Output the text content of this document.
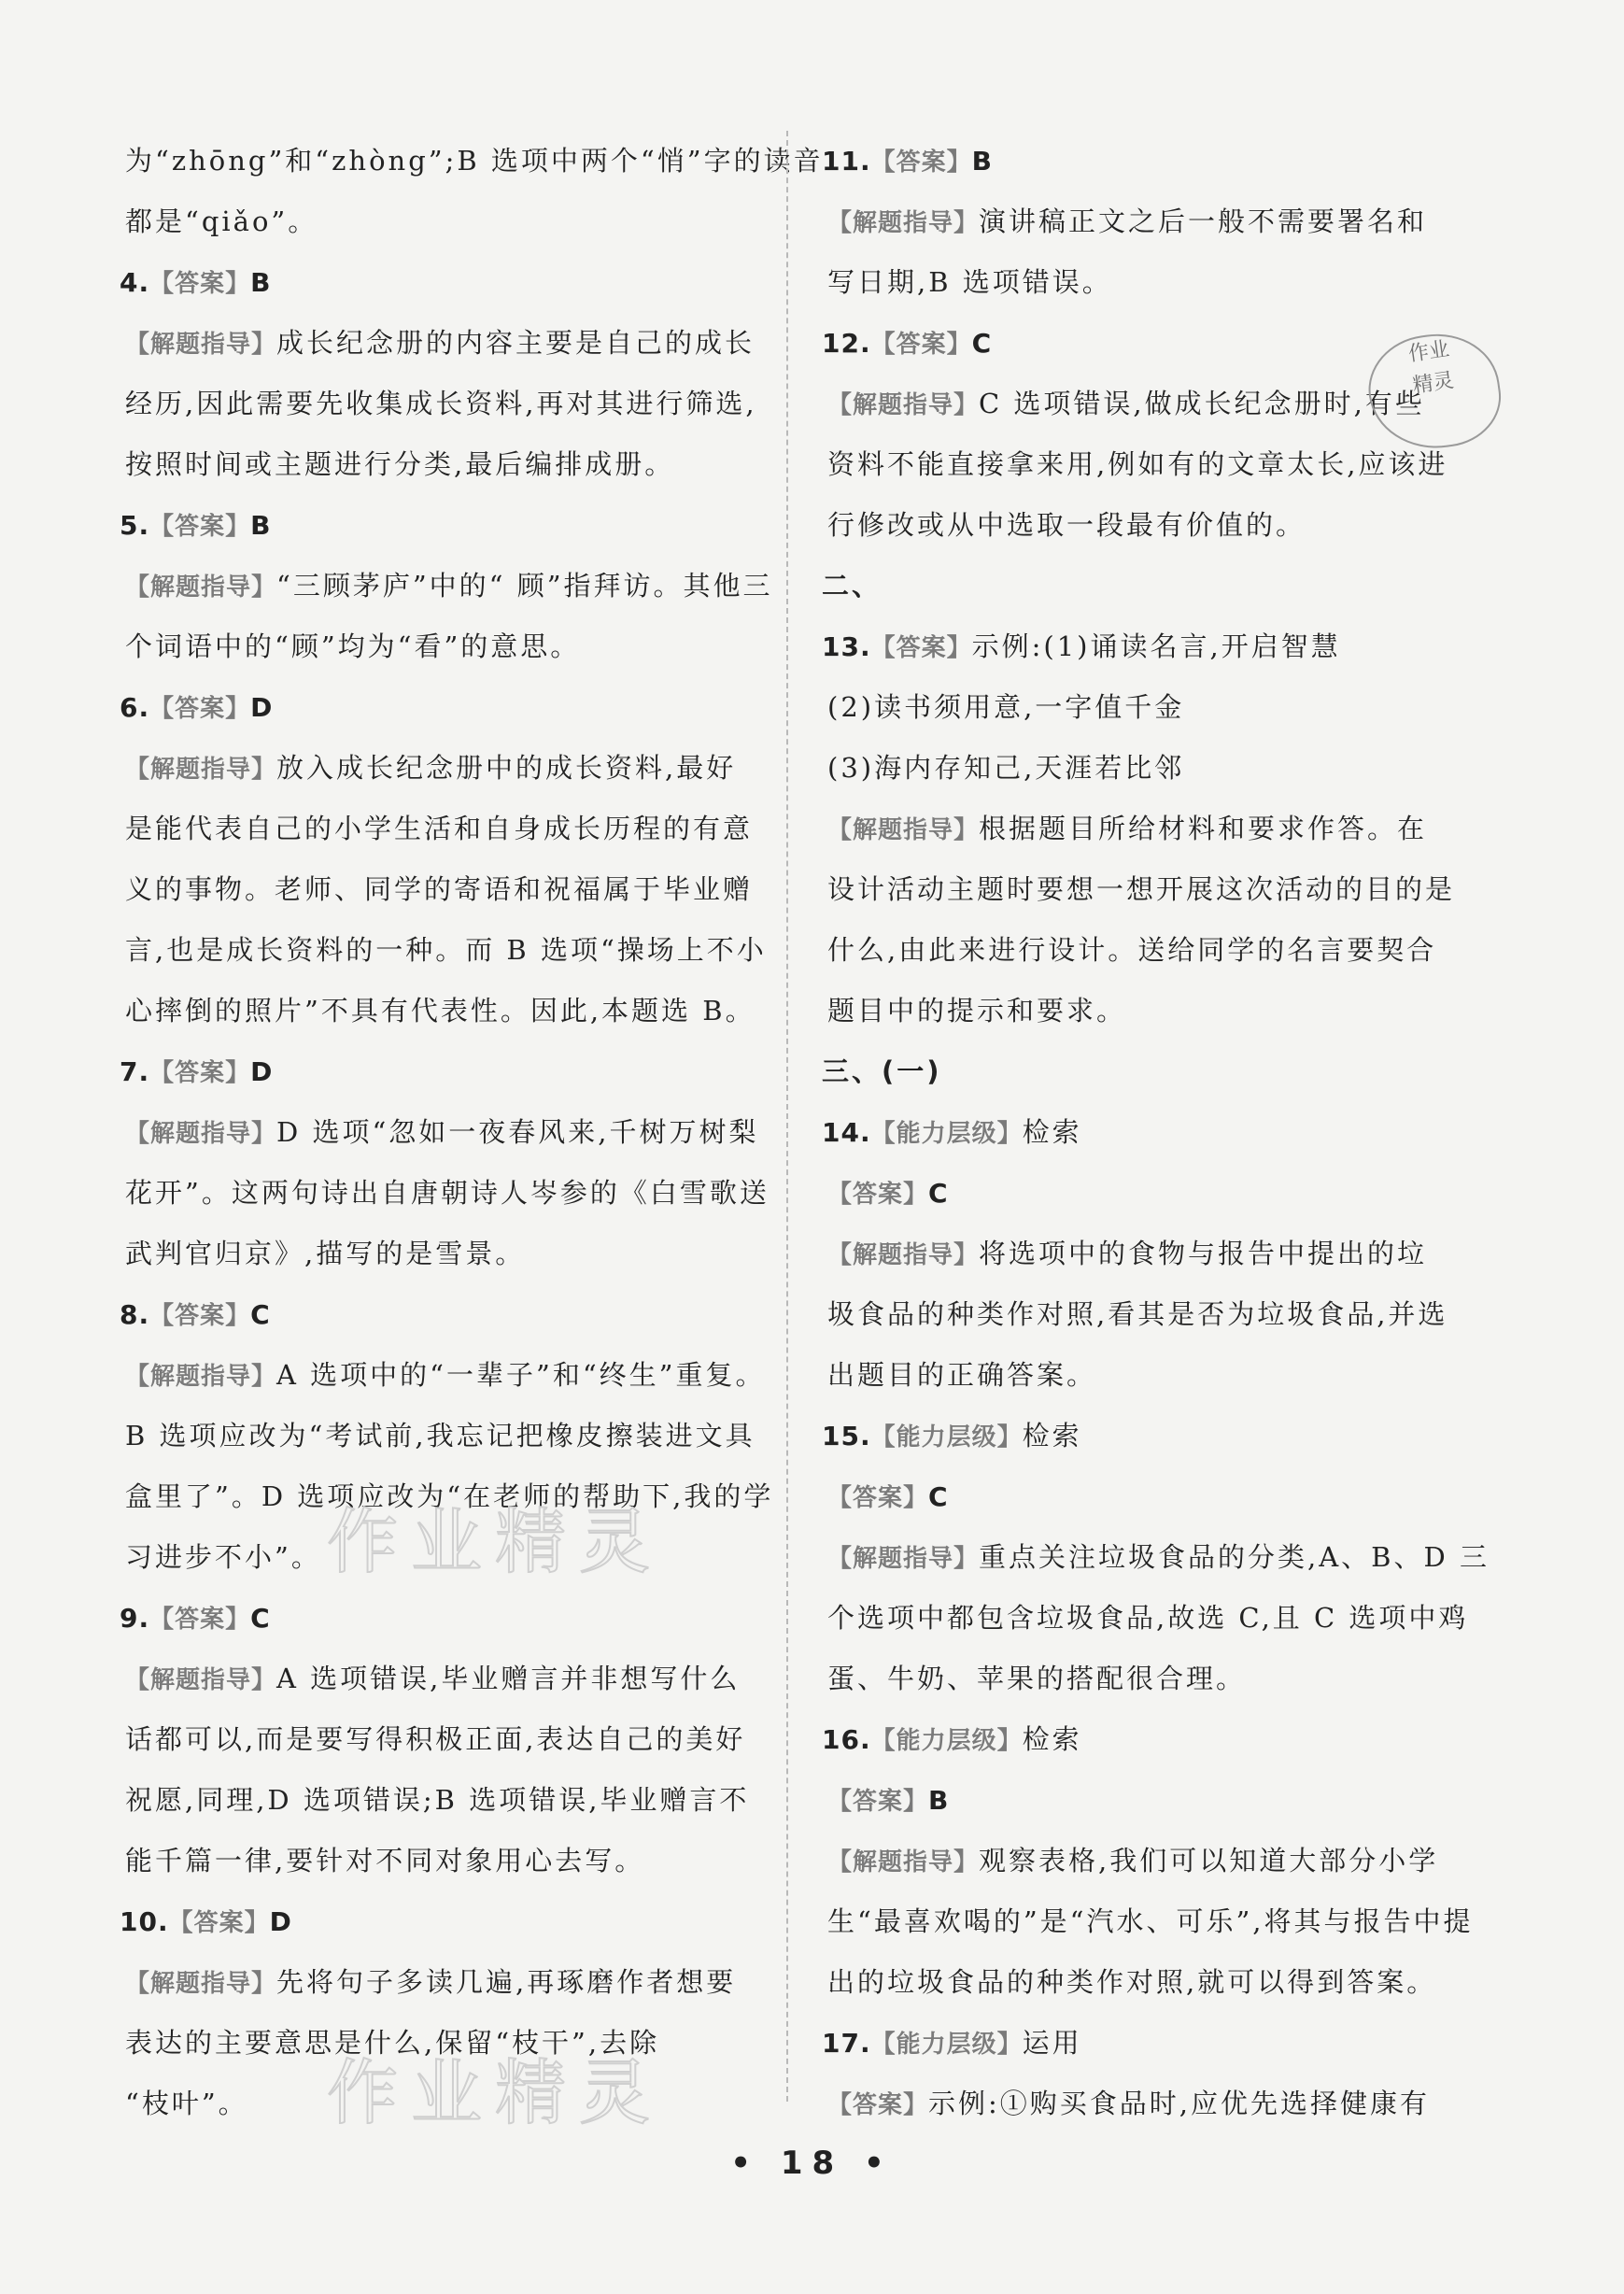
为“zhōng”和“zhòng”;B 选项中两个“悄”字的读音
都是“qiǎo”。
4.【答案】B
【解题指导】成长纪念册的内容主要是自己的成长
经历,因此需要先收集成长资料,再对其进行筛选,
按照时间或主题进行分类,最后编排成册。
5.【答案】B
【解题指导】“三顾茅庐”中的“ 顾”指拜访。其他三
个词语中的“顾”均为“看”的意思。
6.【答案】D
【解题指导】放入成长纪念册中的成长资料,最好
是能代表自己的小学生活和自身成长历程的有意
义的事物。老师、同学的寄语和祝福属于毕业赠
言,也是成长资料的一种。而 B 选项“操场上不小
心摔倒的照片”不具有代表性。因此,本题选 B。
7.【答案】D
【解题指导】D 选项“忽如一夜春风来,千树万树梨
花开”。这两句诗出自唐朝诗人岑参的《白雪歌送
武判官归京》,描写的是雪景。
8.【答案】C
【解题指导】A 选项中的“一辈子”和“终生”重复。
B 选项应改为“考试前,我忘记把橡皮擦装进文具
盒里了”。D 选项应改为“在老师的帮助下,我的学
习进步不小”。
9.【答案】C
【解题指导】A 选项错误,毕业赠言并非想写什么
话都可以,而是要写得积极正面,表达自己的美好
祝愿,同理,D 选项错误;B 选项错误,毕业赠言不
能千篇一律,要针对不同对象用心去写。
10.【答案】D
【解题指导】先将句子多读几遍,再琢磨作者想要
表达的主要意思是什么,保留“枝干”,去除
“枝叶”。
11.【答案】B
【解题指导】演讲稿正文之后一般不需要署名和
写日期,B 选项错误。
12.【答案】C
【解题指导】C 选项错误,做成长纪念册时,有些
资料不能直接拿来用,例如有的文章太长,应该进
行修改或从中选取一段最有价值的。
二、
13.【答案】示例:(1)诵读名言,开启智慧
(2)读书须用意,一字值千金
(3)海内存知己,天涯若比邻
【解题指导】根据题目所给材料和要求作答。在
设计活动主题时要想一想开展这次活动的目的是
什么,由此来进行设计。送给同学的名言要契合
题目中的提示和要求。
三、(一)
14.【能力层级】检索
【答案】C
【解题指导】将选项中的食物与报告中提出的垃
圾食品的种类作对照,看其是否为垃圾食品,并选
出题目的正确答案。
15.【能力层级】检索
【答案】C
【解题指导】重点关注垃圾食品的分类,A、B、D 三
个选项中都包含垃圾食品,故选 C,且 C 选项中鸡
蛋、牛奶、苹果的搭配很合理。
16.【能力层级】检索
【答案】B
【解题指导】观察表格,我们可以知道大部分小学
生“最喜欢喝的”是“汽水、可乐”,将其与报告中提
出的垃圾食品的种类作对照,就可以得到答案。
17.【能力层级】运用
【答案】示例:①购买食品时,应优先选择健康有
作业精灵
作业精灵
作业
精灵
• 18 •
